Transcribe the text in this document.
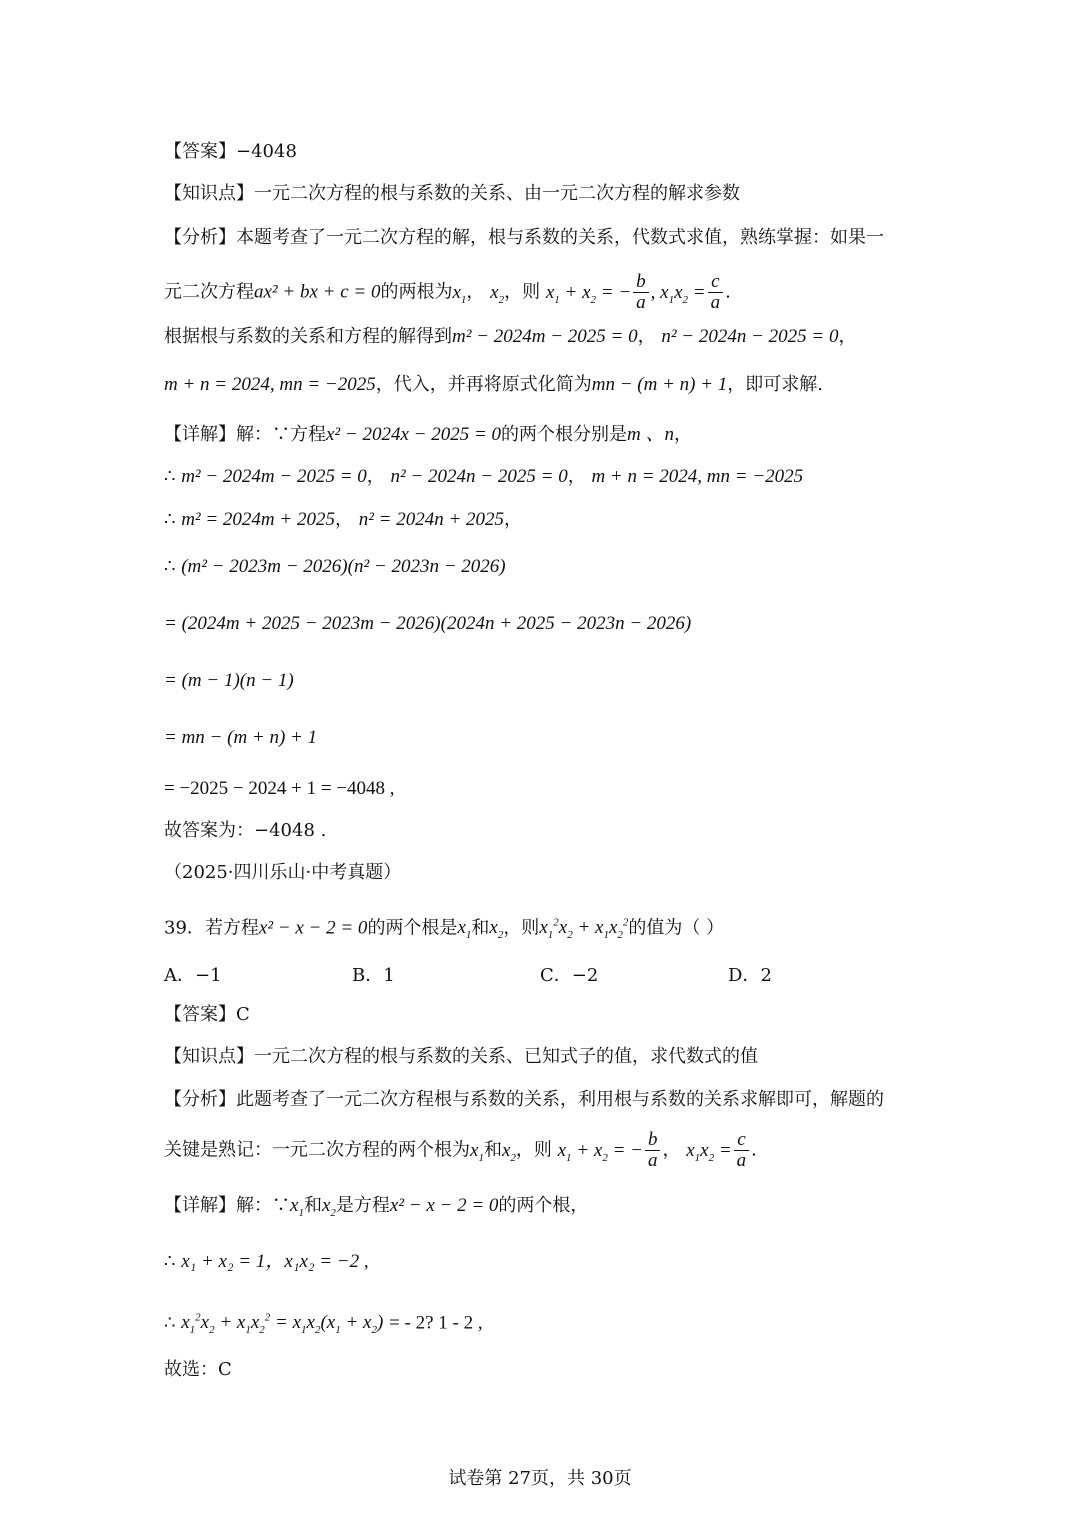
【答案】−4048
【知识点】一元二次方程的根与系数的关系、由一元二次方程的解求参数
【分析】本题考查了一元二次方程的解，根与系数的关系，代数式求值，熟练掌握：如果一
元二次方程ax² + bx + c = 0的两根为$x_1$， $x_2$，则 $x_1 + x_2$ = − $\frac{b}{a}$ , $x_1x_2 = \frac{c}{a}$ .
根据根与系数的关系和方程的解得到m² − 2024m − 2025 = 0， n² − 2024n − 2025 = 0，
m + n = 2024, mn = −2025，代入，并再将原式化简为mn − (m + n) + 1，即可求解.
【详解】解：∵方程x² − 2024x − 2025 = 0的两个根分别是m 、n，
∴ m² − 2024m − 2025 = 0， n² − 2024n − 2025 = 0， m + n = 2024, mn = −2025
∴ m² = 2024m + 2025， n² = 2024n + 2025，
∴ (m² − 2023m − 2026)(n² − 2023n − 2026)
= (2024m + 2025 − 2023m − 2026)(2024n + 2025 − 2023n − 2026)
= (m − 1)(n − 1)
= mn − (m + n) + 1
= −2025 − 2024 + 1 = −4048 ,
故答案为：−4048 .
（2025·四川乐山·中考真题）
39．若方程x² − x − 2 = 0的两个根是$x_1$和$x_2$，则$x_1^2x_2 + x_1x_2^2$的值为（ ）
A．−1	B．1	C．−2	D．2
【答案】C
【知识点】一元二次方程的根与系数的关系、已知式子的值，求代数式的值
【分析】此题考查了一元二次方程根与系数的关系，利用根与系数的关系求解即可，解题的
关键是熟记：一元二次方程的两个根为$x_1$和$x_2$，则 $x_1 + x_2$ = − $\frac{b}{a}$ ， $x_1x_2 = \frac{c}{a}$ .
【详解】解：$\because x_1$和$x_2$是方程x² − x − 2 = 0的两个根，
∴ x₁ + x₂ = 1，x₁x₂ = −2 ,
∴ $x_1^2x_2 + x_1x_2^2 = x_1x_2(x_1 + x_2)$ = - 2? 1 - 2 ,
故选：C
试卷第 27页，共 30页
